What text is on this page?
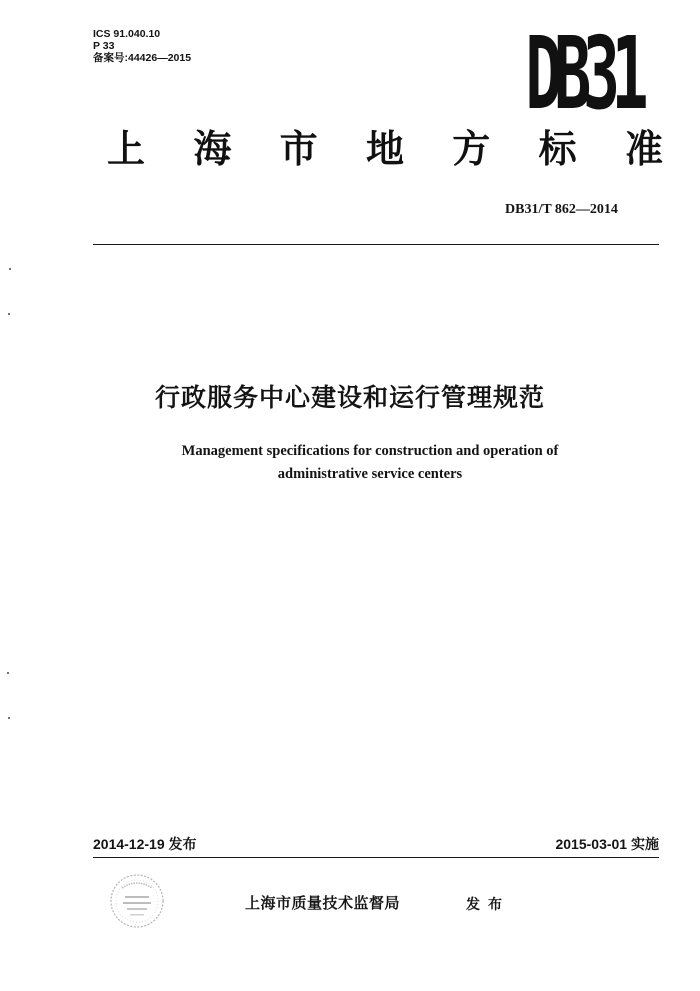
ICS 91.040.10
P 33
备案号:44426—2015	DB31
上 海 市 地 方 标 准
DB31/T 862—2014
行政服务中心建设和运行管理规范
Management specifications for construction and operation of
administrative service centers
2014-12-19 发布	2015-03-01 实施
上海市质量技术监督局	发布
